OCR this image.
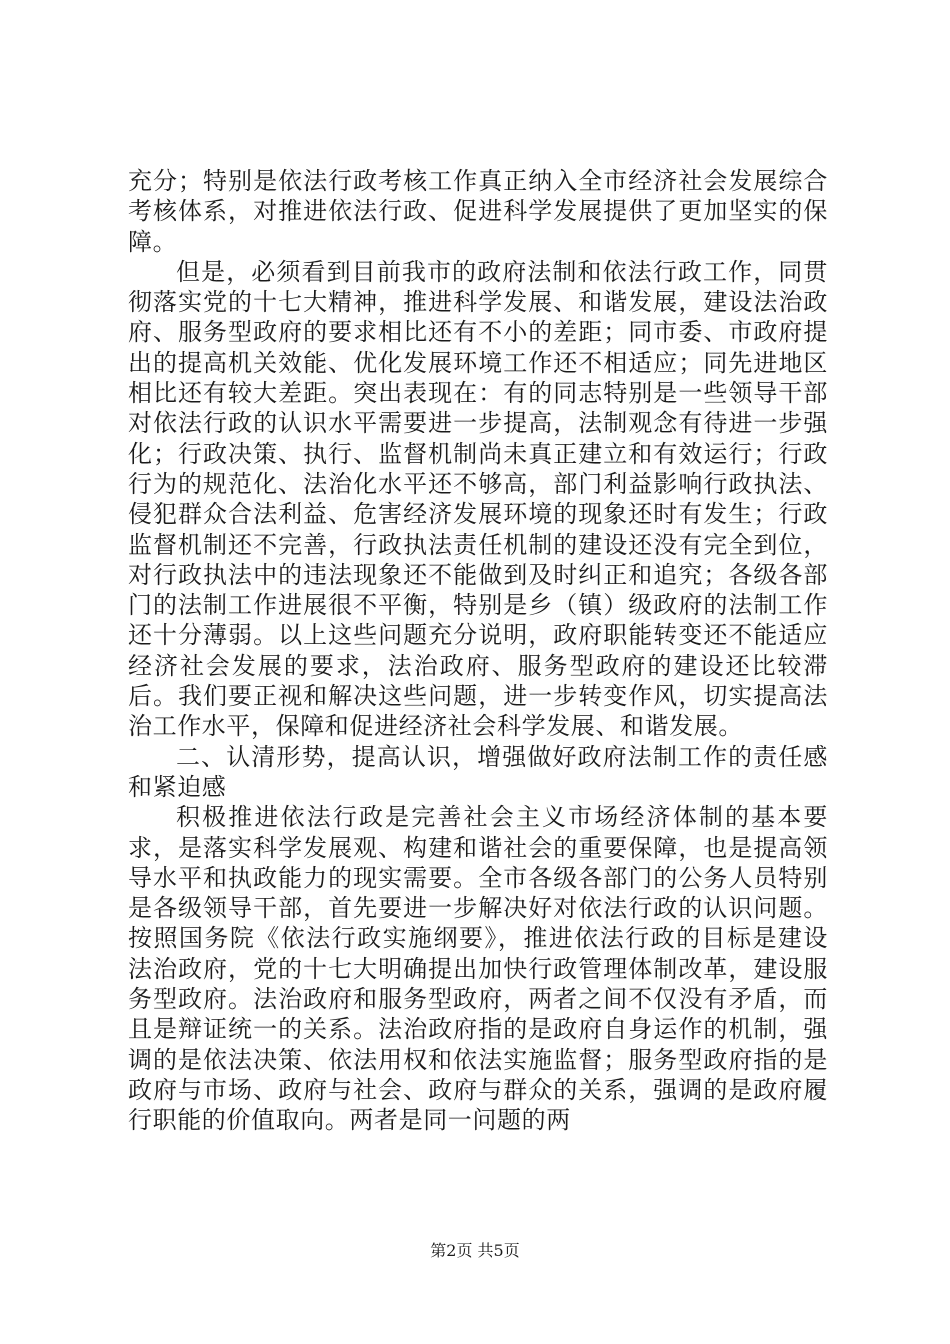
充分；特别是依法行政考核工作真正纳入全市经济社会发展综合考核体系，对推进依法行政、促进科学发展提供了更加坚实的保障。

但是，必须看到目前我市的政府法制和依法行政工作，同贯彻落实党的十七大精神，推进科学发展、和谐发展，建设法治政府、服务型政府的要求相比还有不小的差距；同市委、市政府提出的提高机关效能、优化发展环境工作还不相适应；同先进地区相比还有较大差距。突出表现在：有的同志特别是一些领导干部对依法行政的认识水平需要进一步提高，法制观念有待进一步强化；行政决策、执行、监督机制尚未真正建立和有效运行；行政行为的规范化、法治化水平还不够高，部门利益影响行政执法、侵犯群众合法利益、危害经济发展环境的现象还时有发生；行政监督机制还不完善，行政执法责任机制的建设还没有完全到位，对行政执法中的违法现象还不能做到及时纠正和追究；各级各部门的法制工作进展很不平衡，特别是乡（镇）级政府的法制工作还十分薄弱。以上这些问题充分说明，政府职能转变还不能适应经济社会发展的要求，法治政府、服务型政府的建设还比较滞后。我们要正视和解决这些问题，进一步转变作风，切实提高法治工作水平，保障和促进经济社会科学发展、和谐发展。

二、认清形势，提高认识，增强做好政府法制工作的责任感和紧迫感

积极推进依法行政是完善社会主义市场经济体制的基本要求，是落实科学发展观、构建和谐社会的重要保障，也是提高领导水平和执政能力的现实需要。全市各级各部门的公务人员特别是各级领导干部，首先要进一步解决好对依法行政的认识问题。按照国务院《依法行政实施纲要》，推进依法行政的目标是建设法治政府，党的十七大明确提出加快行政管理体制改革，建设服务型政府。法治政府和服务型政府，两者之间不仅没有矛盾，而且是辩证统一的关系。法治政府指的是政府自身运作的机制，强调的是依法决策、依法用权和依法实施监督；服务型政府指的是政府与市场、政府与社会、政府与群众的关系，强调的是政府履行职能的价值取向。两者是同一问题的两

第2页 共5页
